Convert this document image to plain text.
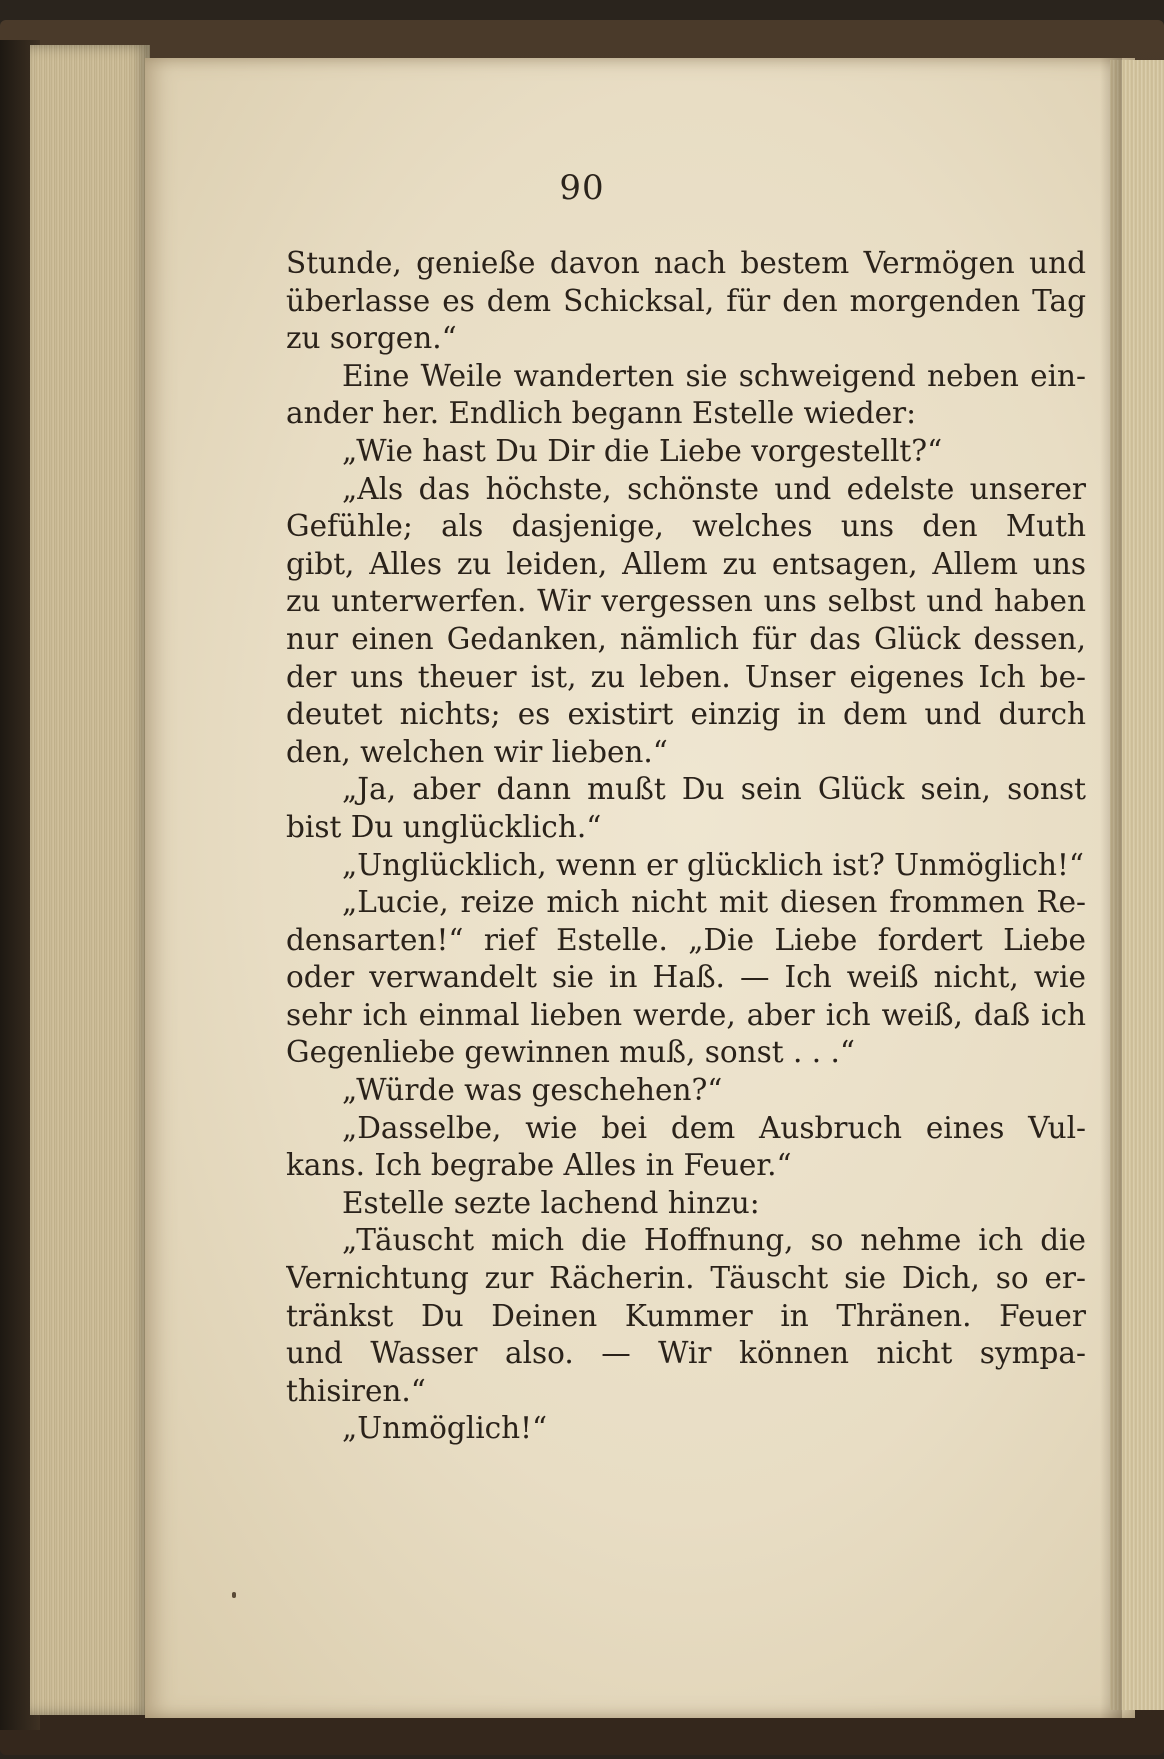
90
Stunde, genieße davon nach bestem Vermögen und
überlasse es dem Schicksal, für den morgenden Tag
zu sorgen.“
Eine Weile wanderten sie schweigend neben ein-
ander her. Endlich begann Estelle wieder:
„Wie hast Du Dir die Liebe vorgestellt?“
„Als das höchste, schönste und edelste unserer
Gefühle; als dasjenige, welches uns den Muth
gibt, Alles zu leiden, Allem zu entsagen, Allem uns
zu unterwerfen. Wir vergessen uns selbst und haben
nur einen Gedanken, nämlich für das Glück dessen,
der uns theuer ist, zu leben. Unser eigenes Ich be-
deutet nichts; es existirt einzig in dem und durch
den, welchen wir lieben.“
„Ja, aber dann mußt Du sein Glück sein, sonst
bist Du unglücklich.“
„Unglücklich, wenn er glücklich ist? Unmöglich!“
„Lucie, reize mich nicht mit diesen frommen Re-
densarten!“ rief Estelle. „Die Liebe fordert Liebe
oder verwandelt sie in Haß. — Ich weiß nicht, wie
sehr ich einmal lieben werde, aber ich weiß, daß ich
Gegenliebe gewinnen muß, sonst . . .“
„Würde was geschehen?“
„Dasselbe, wie bei dem Ausbruch eines Vul-
kans. Ich begrabe Alles in Feuer.“
Estelle sezte lachend hinzu:
„Täuscht mich die Hoffnung, so nehme ich die
Vernichtung zur Rächerin. Täuscht sie Dich, so er-
tränkst Du Deinen Kummer in Thränen. Feuer
und Wasser also. — Wir können nicht sympa-
thisiren.“
„Unmöglich!“
